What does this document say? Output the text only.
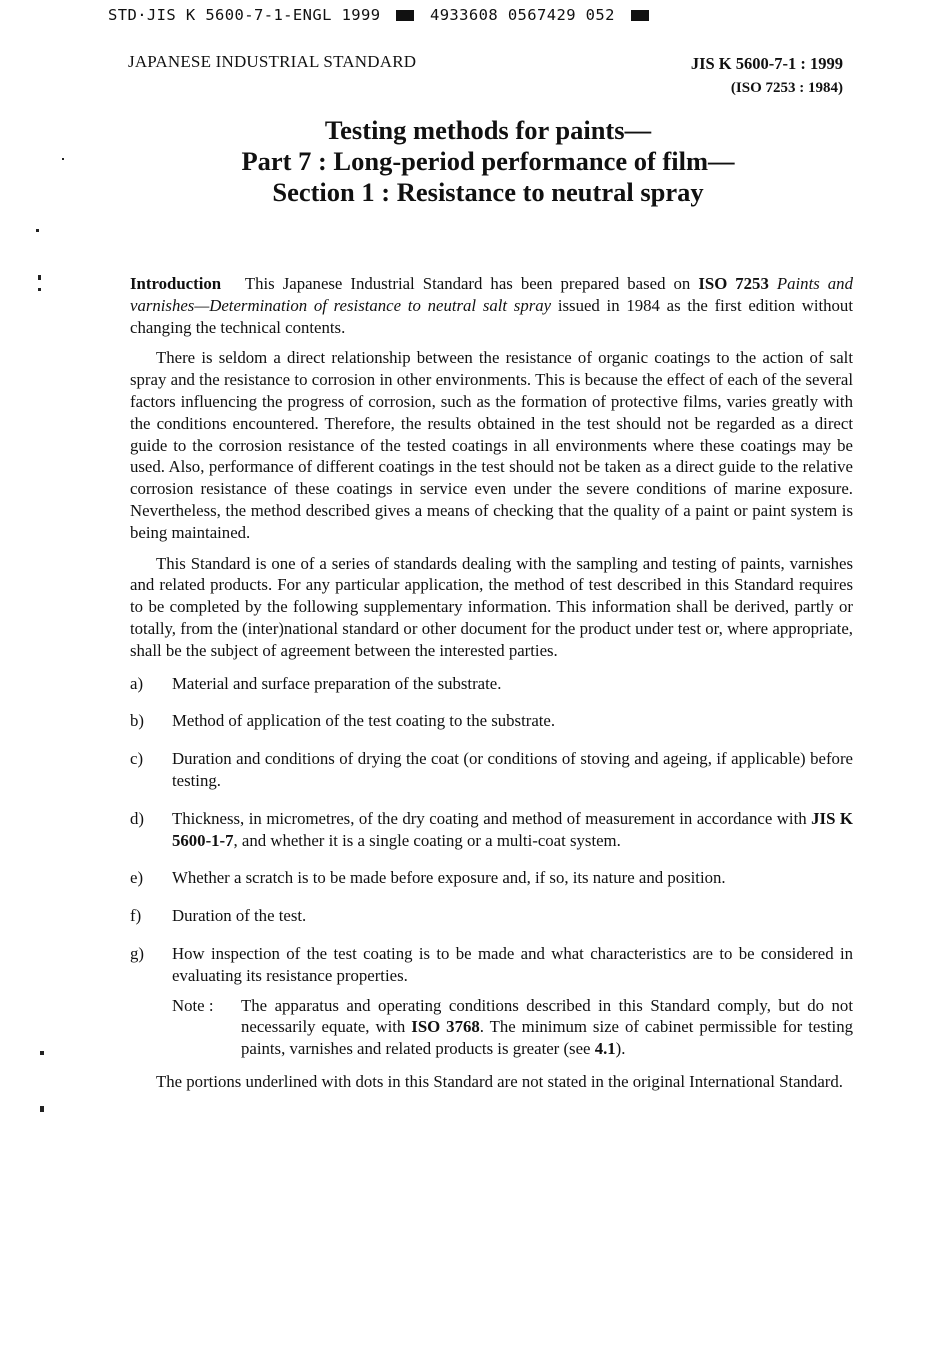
STD·JIS K 5600-7-1-ENGL 1999	4933608 0567429 052
JAPANESE INDUSTRIAL STANDARD	JIS K 5600-7-1 : 1999
(ISO 7253 : 1984)
Testing methods for paints—
Part 7 : Long-period performance of film—
Section 1 : Resistance to neutral spray

Introduction This Japanese Industrial Standard has been prepared based on ISO 7253 Paints and varnishes—Determination of resistance to neutral salt spray issued in 1984 as the first edition without changing the technical contents.

There is seldom a direct relationship between the resistance of organic coatings to the action of salt spray and the resistance to corrosion in other environments. This is because the effect of each of the several factors influencing the progress of corrosion, such as the formation of protective films, varies greatly with the conditions encountered. Therefore, the results obtained in the test should not be regarded as a direct guide to the corrosion resistance of the tested coatings in all environments where these coatings may be used. Also, performance of different coatings in the test should not be taken as a direct guide to the relative corrosion resistance of these coatings in service even under the severe conditions of marine exposure. Nevertheless, the method described gives a means of checking that the quality of a paint or paint system is being maintained.

This Standard is one of a series of standards dealing with the sampling and testing of paints, varnishes and related products. For any particular application, the method of test described in this Standard requires to be completed by the following supplementary information. This information shall be derived, partly or totally, from the (inter)national standard or other document for the product under test or, where appropriate, shall be the subject of agreement between the interested parties.

a)	Material and surface preparation of the substrate.
b)	Method of application of the test coating to the substrate.
c)	Duration and conditions of drying the coat (or conditions of stoving and ageing, if applicable) before testing.
d)	Thickness, in micrometres, of the dry coating and method of measurement in accordance with JIS K 5600-1-7, and whether it is a single coating or a multi-coat system.
e)	Whether a scratch is to be made before exposure and, if so, its nature and position.
f)	Duration of the test.
g)	How inspection of the test coating is to be made and what characteristics are to be considered in evaluating its resistance properties.
Note :	The apparatus and operating conditions described in this Standard comply, but do not necessarily equate, with ISO 3768. The minimum size of cabinet permissible for testing paints, varnishes and related products is greater (see 4.1).

The portions underlined with dots in this Standard are not stated in the original International Standard.
